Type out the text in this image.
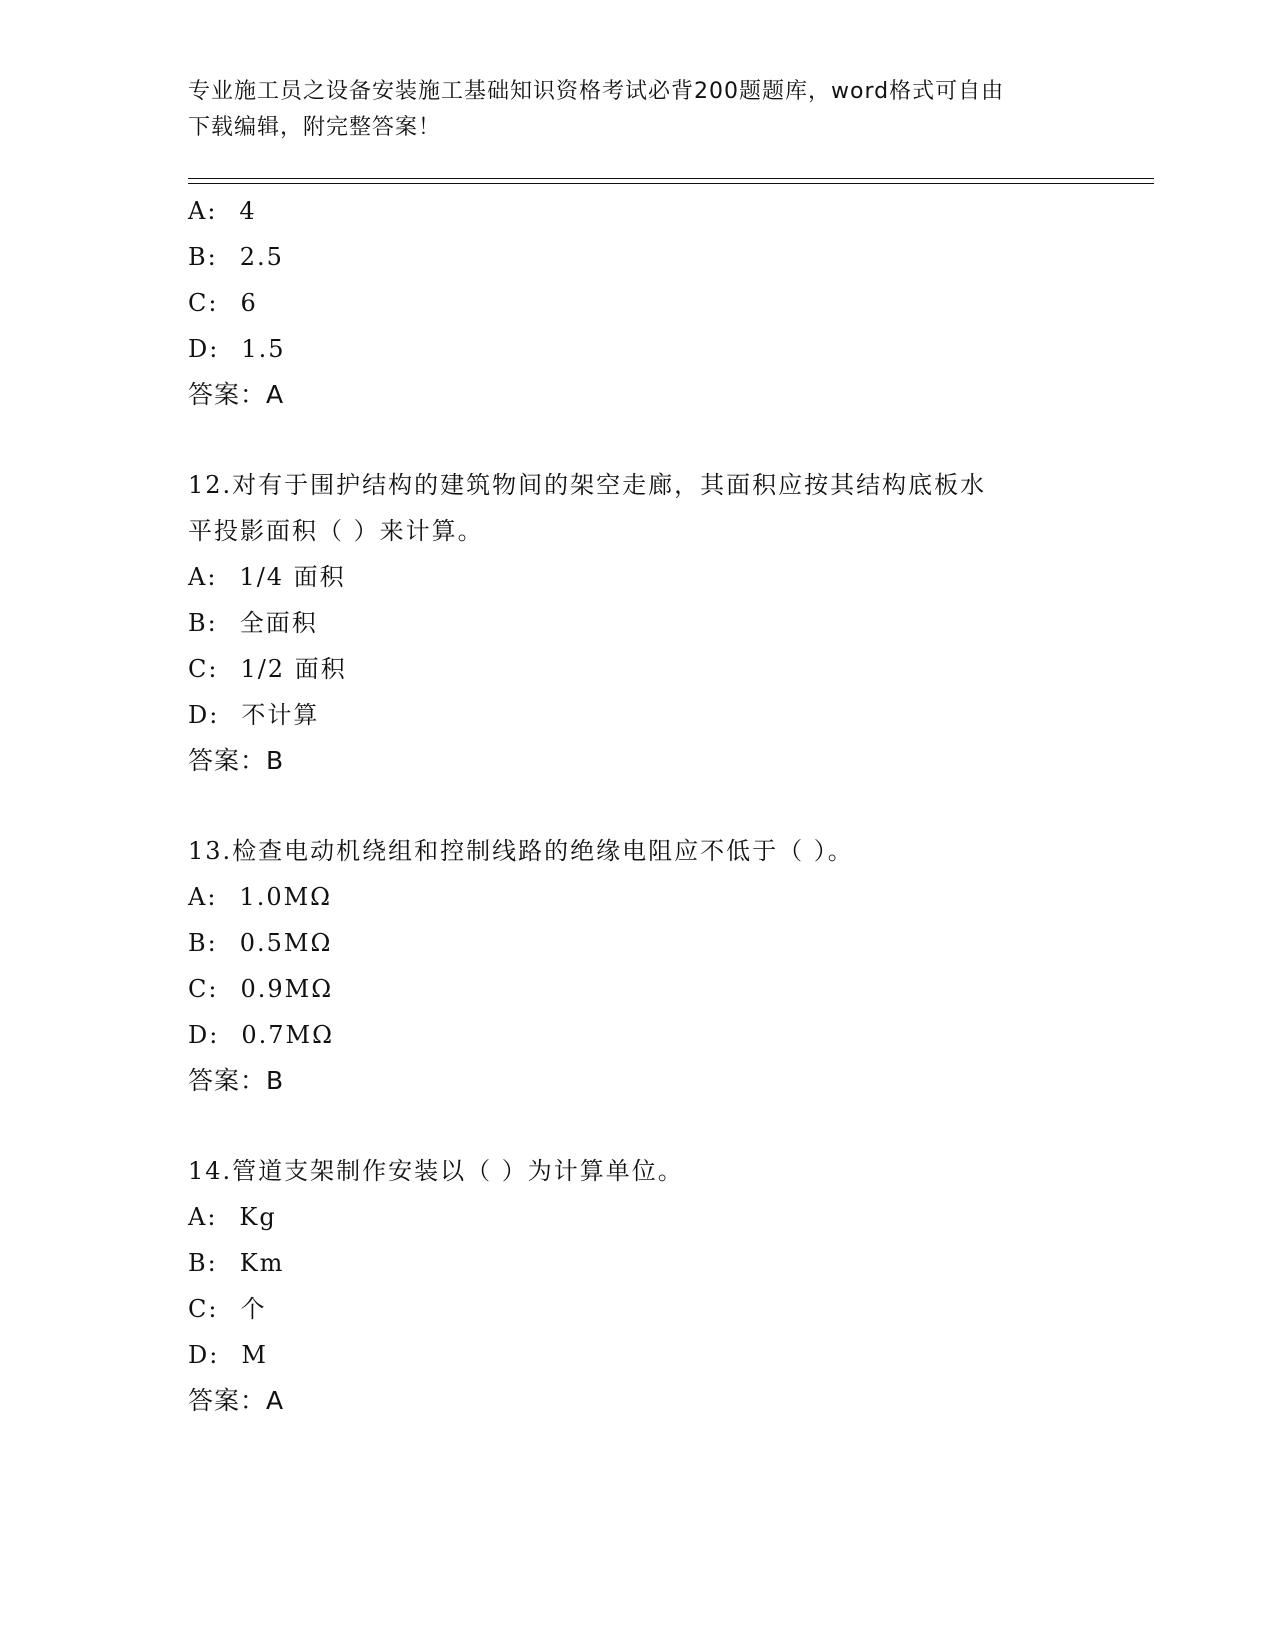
专业施工员之设备安装施工基础知识资格考试必背200题题库，word格式可自由
下载编辑，附完整答案！
A: 4
B: 2.5
C: 6
D: 1.5
答案：A
12.对有于围护结构的建筑物间的架空走廊，其面积应按其结构底板水
平投影面积（ ）来计算。
A: 1/4 面积
B: 全面积
C: 1/2 面积
D: 不计算
答案：B
13.检查电动机绕组和控制线路的绝缘电阻应不低于（ ）。
A: 1.0MΩ
B: 0.5MΩ
C: 0.9MΩ
D: 0.7MΩ
答案：B
14.管道支架制作安装以（ ）为计算单位。
A: Kg
B: Km
C: 个
D: M
答案：A
